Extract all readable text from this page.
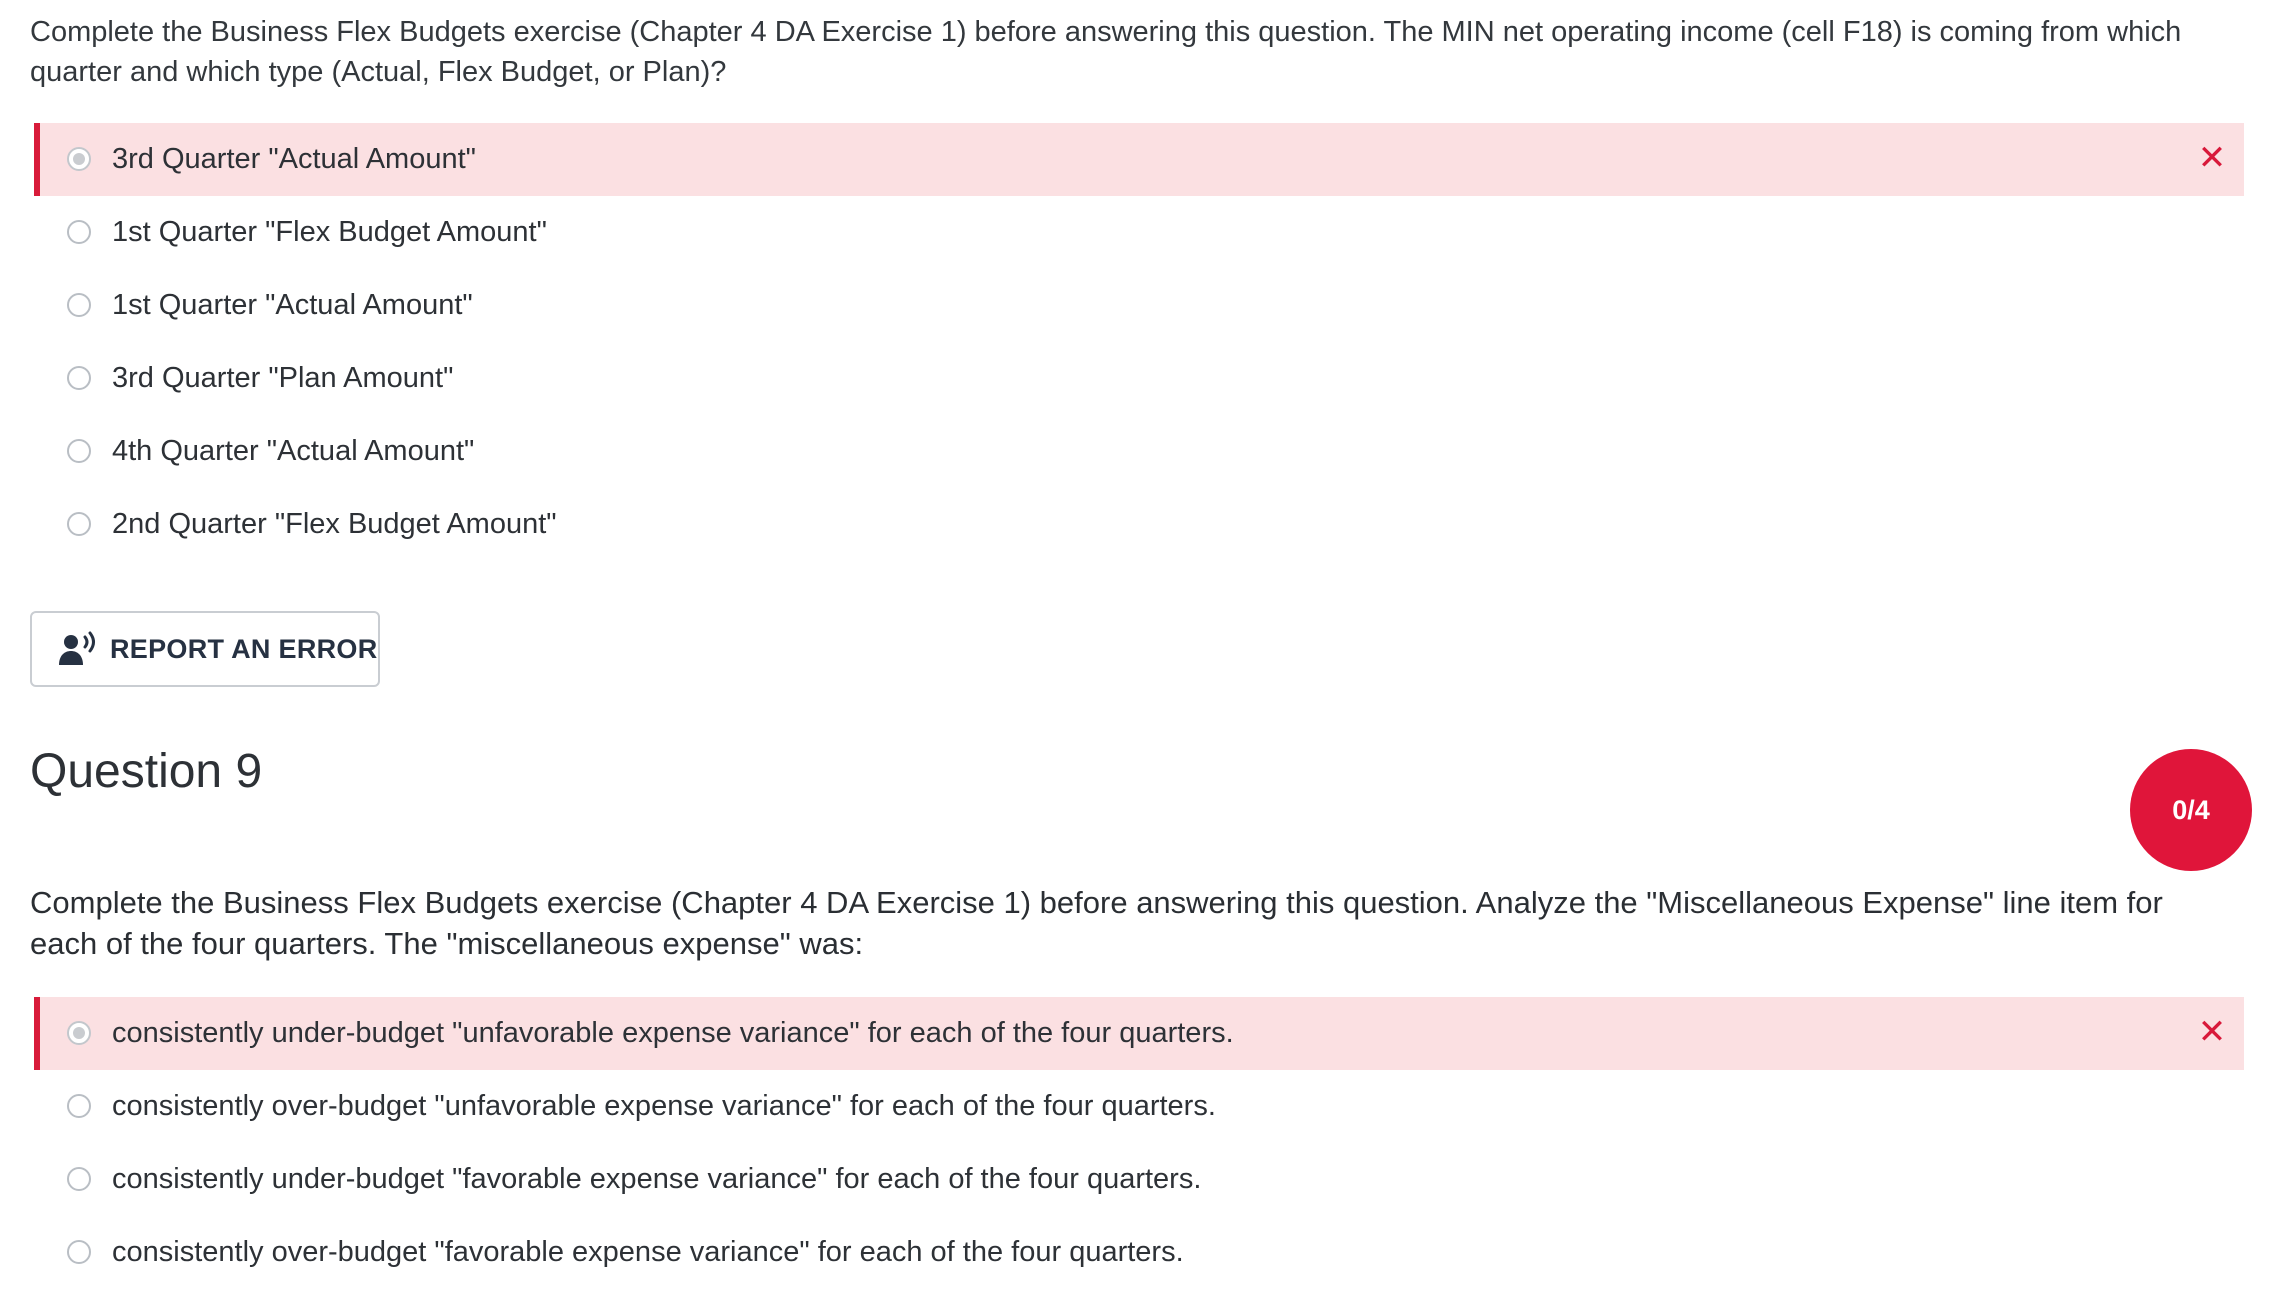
Complete the Business Flex Budgets exercise (Chapter 4 DA Exercise 1) before answering this question. The MIN net operating income (cell F18) is coming from which quarter and which type (Actual, Flex Budget, or Plan)?

3rd Quarter "Actual Amount"	✕
1st Quarter "Flex Budget Amount"
1st Quarter "Actual Amount"
3rd Quarter "Plan Amount"
4th Quarter "Actual Amount"
2nd Quarter "Flex Budget Amount"
REPORT AN ERROR
Question 9
0/4

Complete the Business Flex Budgets exercise (Chapter 4 DA Exercise 1) before answering this question. Analyze the "Miscellaneous Expense" line item for each of the four quarters. The "miscellaneous expense" was:

consistently under-budget "unfavorable expense variance" for each of the four quarters.	✕
consistently over-budget "unfavorable expense variance" for each of the four quarters.
consistently under-budget "favorable expense variance" for each of the four quarters.
consistently over-budget "favorable expense variance" for each of the four quarters.
